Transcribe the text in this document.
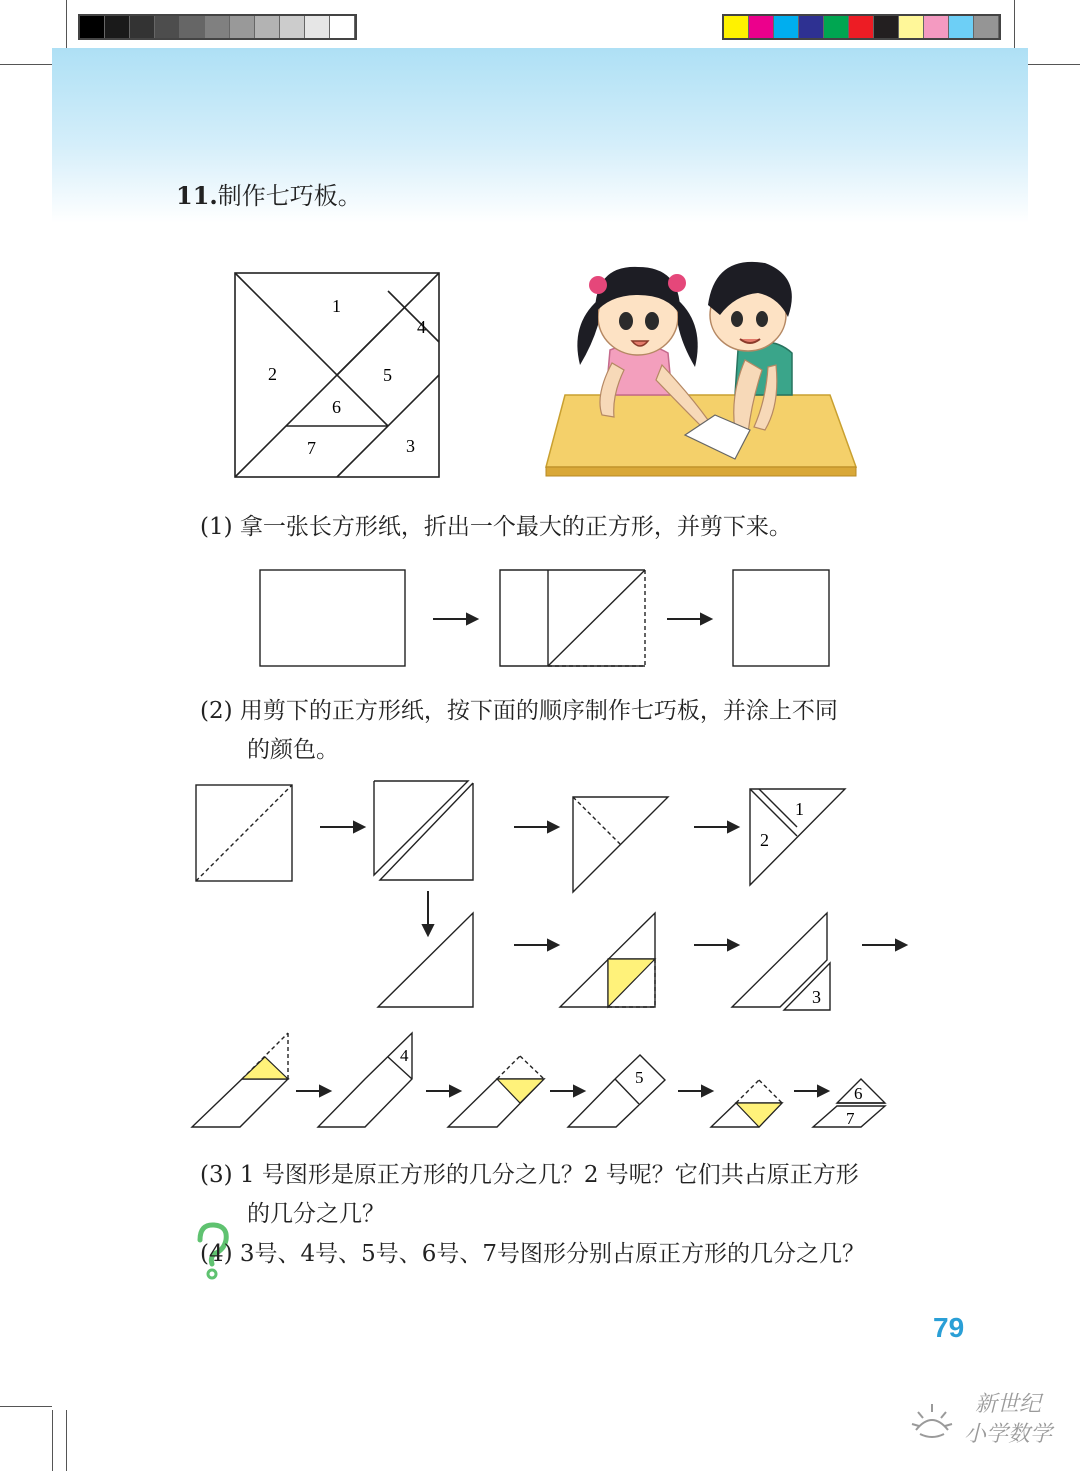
11.制作七巧板。
1
2
3
4
5
6
7
(1) 拿一张长方形纸，折出一个最大的正方形，并剪下来。
(2) 用剪下的正方形纸，按下面的顺序制作七巧板，并涂上不同
的颜色。
1
2
3
4
5
6
7
(3) 1 号图形是原正方形的几分之几？2 号呢？它们共占原正方形
的几分之几？
(4) 3号、4号、5号、6号、7号图形分别占原正方形的几分之几？
79
新世纪
小学数学
